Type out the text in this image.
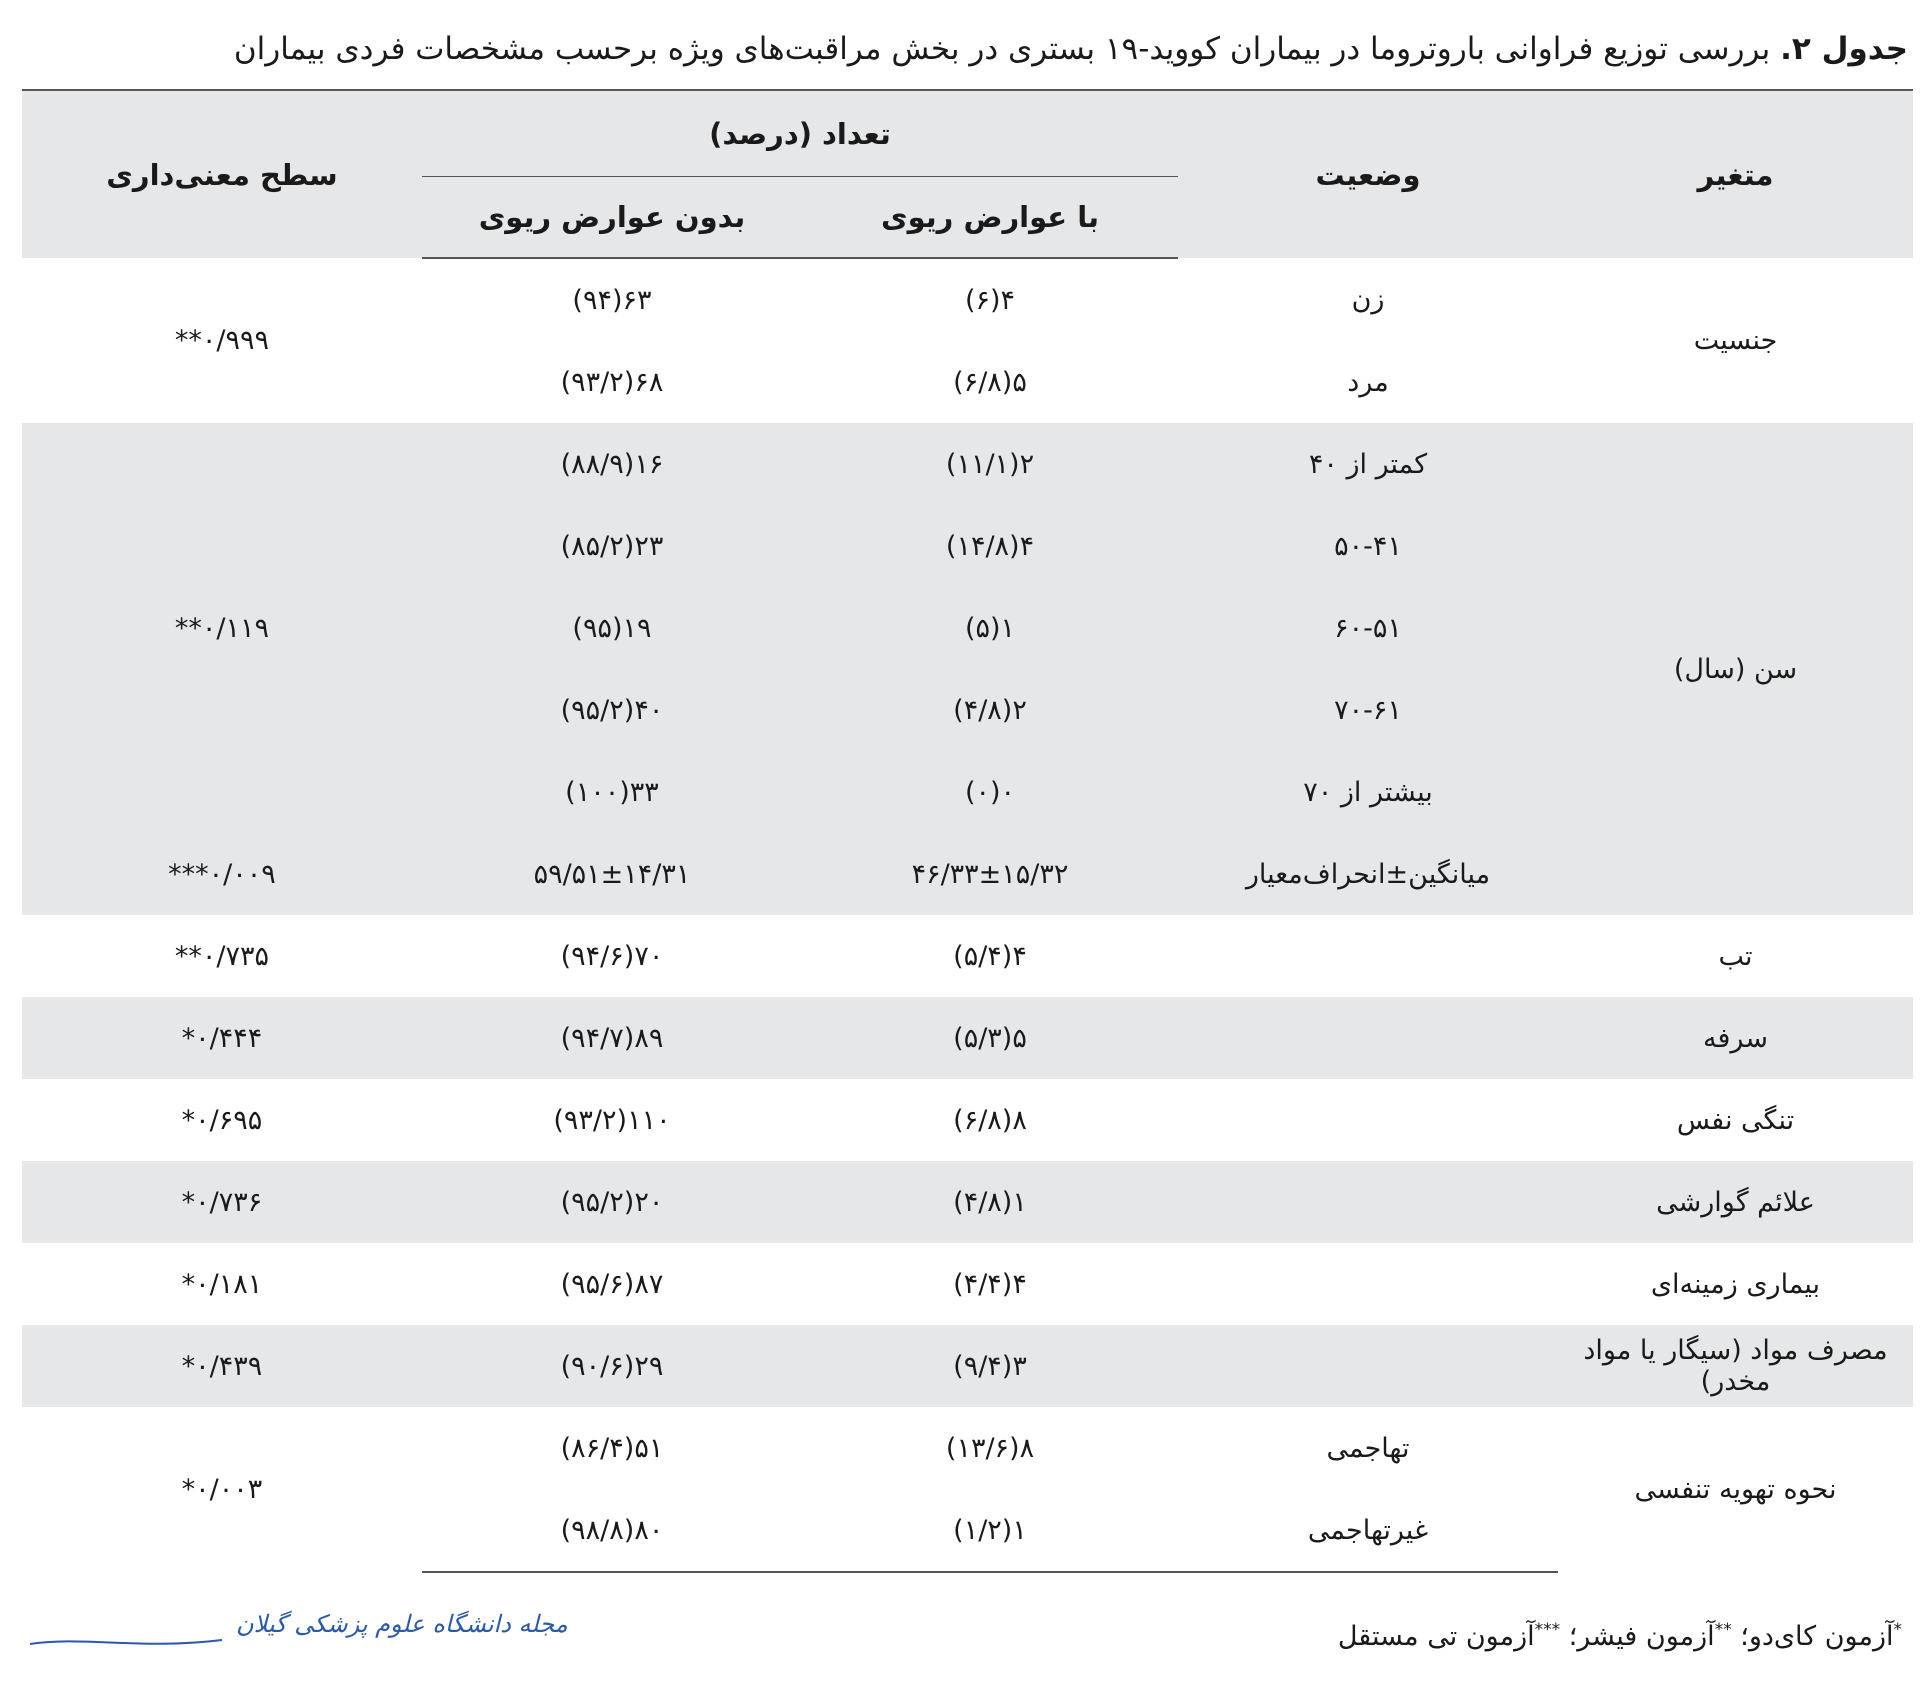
جدول ۲. بررسی توزیع فراوانی باروتروما در بیماران کووید-۱۹ بستری در بخش مراقبت‌های ویژه برحسب مشخصات فردی بیماران
متغیر	وضعیت	تعداد (درصد)		سطح معنی‌داری
		با عوارض ریوی	بدون عوارض ریوی	
جنسیت	زن	۴(۶)	۶۳(۹۴)	۰/۹۹۹**
	مرد	۵(۶/۸)	۶۸(۹۳/۲)	
سن (سال)	کمتر از ۴۰	۲(۱۱/۱)	۱۶(۸۸/۹)	۰/۱۱۹**
	۵۰-۴۱	۴(۱۴/۸)	۲۳(۸۵/۲)	
	۶۰-۵۱	۱(۵)	۱۹(۹۵)	
	۷۰-۶۱	۲(۴/۸)	۴۰(۹۵/۲)	
	بیشتر از ۷۰	۰(۰)	۳۳(۱۰۰)	
	میانگین±انحراف‌معیار	۴۶/۳۳±۱۵/۳۲	۵۹/۵۱±۱۴/۳۱	۰/۰۰۹***
تب		۴(۵/۴)	۷۰(۹۴/۶)	۰/۷۳۵**
سرفه		۵(۵/۳)	۸۹(۹۴/۷)	۰/۴۴۴*
تنگی نفس		۸(۶/۸)	۱۱۰(۹۳/۲)	۰/۶۹۵*
علائم گوارشی		۱(۴/۸)	۲۰(۹۵/۲)	۰/۷۳۶*
بیماری زمینه‌ای		۴(۴/۴)	۸۷(۹۵/۶)	۰/۱۸۱*
مصرف مواد (سیگار یا مواد مخدر)		۳(۹/۴)	۲۹(۹۰/۶)	۰/۴۳۹*
نحوه تهویه تنفسی	تهاجمی	۸(۱۳/۶)	۵۱(۸۶/۴)	۰/۰۰۳*
	غیرتهاجمی	۱(۱/۲)	۸۰(۹۸/۸)	
*آزمون کای‌دو؛ **آزمون فیشر؛ ***آزمون تی مستقل
مجله دانشگاه علوم پزشکی گیلان
